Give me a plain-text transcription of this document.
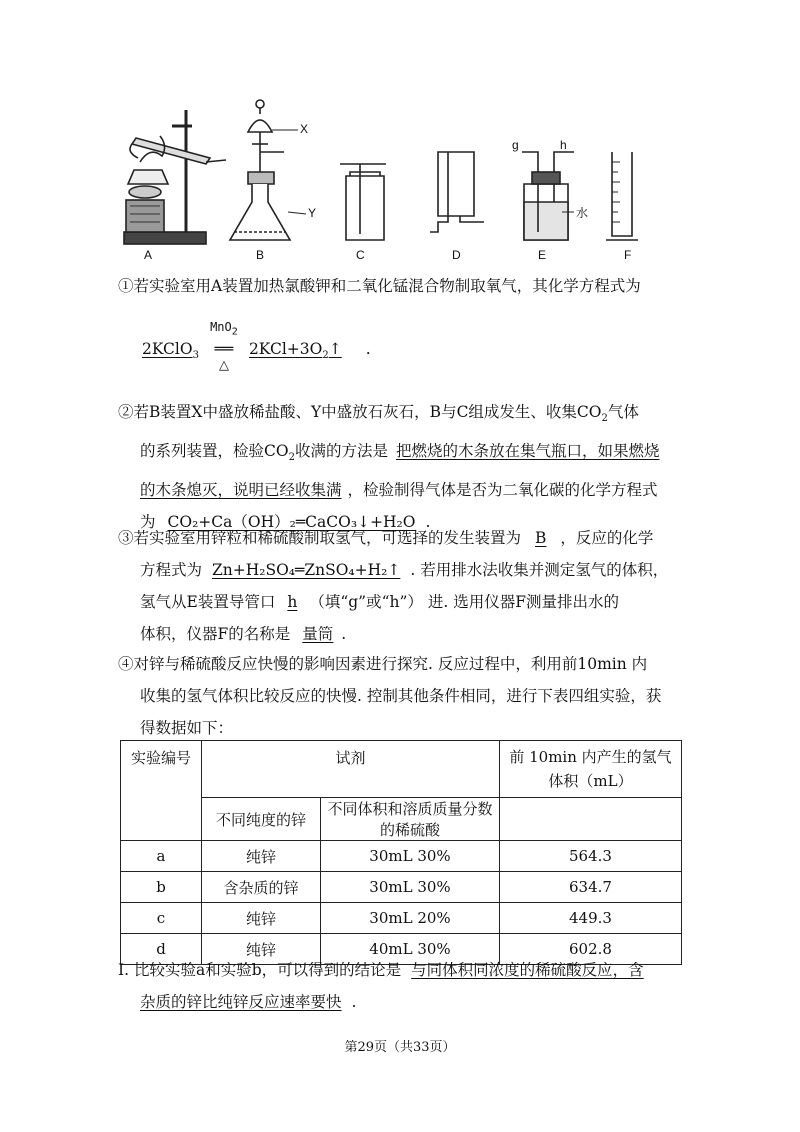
A	B	C	D	E	F
X
Y
g	h
水
①若实验室用A装置加热氯酸钾和二氧化锰混合物制取氧气，其化学方程式为
2KClO$_3$
MnO$_2$
══
△
$2KCl+3O_2↑$ .
②若B装置X中盛放稀盐酸、Y中盛放石灰石，B与C组成发生、收集$CO_2$气体
的系列装置，检验$CO_2$收满的方法是 把燃烧的木条放在集气瓶口，如果燃烧
的木条熄灭，说明已经收集满 ，检验制得气体是否为二氧化碳的化学方程式
为 CO₂+Ca（OH）₂═CaCO₃↓+H₂O .
③若实验室用锌粒和稀硫酸制取氢气，可选择的发生装置为 B ，反应的化学
方程式为 Zn+H₂SO₄═ZnSO₄+H₂↑ . 若用排水法收集并测定氢气的体积，
氢气从E装置导管口 h （填“g”或“h”） 进. 选用仪器F测量排出水的
体积，仪器F的名称是 量筒 .
④对锌与稀硫酸反应快慢的影响因素进行探究. 反应过程中，利用前10min 内
收集的氢气体积比较反应的快慢. 控制其他条件相同，进行下表四组实验，获
得数据如下：
实验编号	试剂		前 10min 内产生的氢气体积（mL）
	不同纯度的锌	不同体积和溶质质量分数的稀硫酸	
a	纯锌	30mL 30%	564.3
b	含杂质的锌	30mL 30%	634.7
c	纯锌	30mL 20%	449.3
d	纯锌	40mL 30%	602.8
Ⅰ. 比较实验a和实验b，可以得到的结论是 与同体积同浓度的稀硫酸反应，含
杂质的锌比纯锌反应速率要快 .
第29页（共33页）
